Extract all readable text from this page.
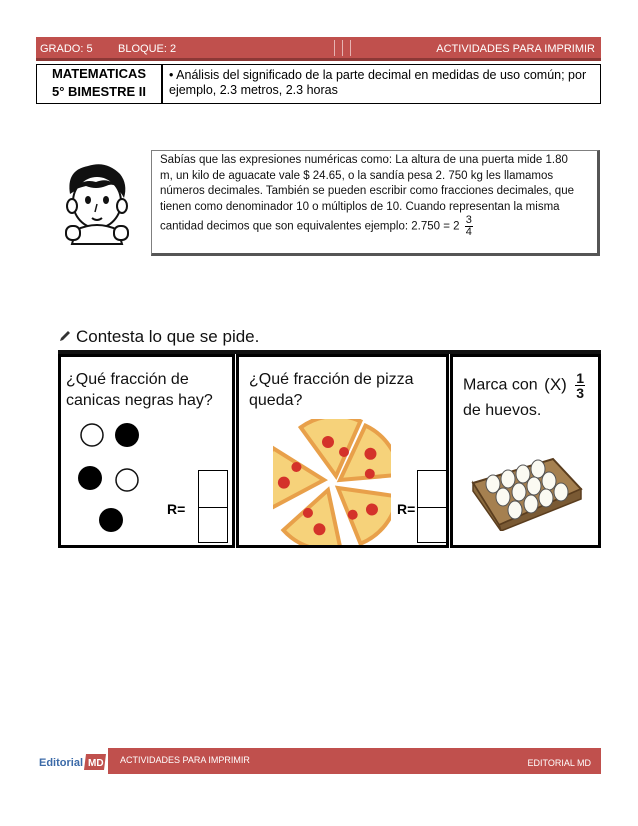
GRADO: 5 BLOQUE: 2	ACTIVIDADES PARA IMPRIMIR
MATEMATICAS
5° BIMESTRE II
• Análisis del significado de la parte decimal en medidas de uso común; por ejemplo, 2.3 metros, 2.3 horas
Sabías que las expresiones numéricas como: La altura de una puerta mide 1.80
m, un kilo de aguacate vale $ 24.65, o la sandía pesa 2. 750 kg les llamamos
números decimales. También se pueden escribir como fracciones decimales, que
tienen como denominador 10 o múltiplos de 10. Cuando representan la misma
cantidad decimos que son equivalentes ejemplo: $2.750 = 2 \frac{3}{4}$
Contesta lo que se pide.
¿Qué fracción de canicas negras hay?
R=
¿Qué fracción de pizza queda?
R=
Marca con $(X) \frac{1}{3}$

de huevos.
Editorial MD ACTIVIDADES PARA IMPRIMIR	EDITORIAL MD
